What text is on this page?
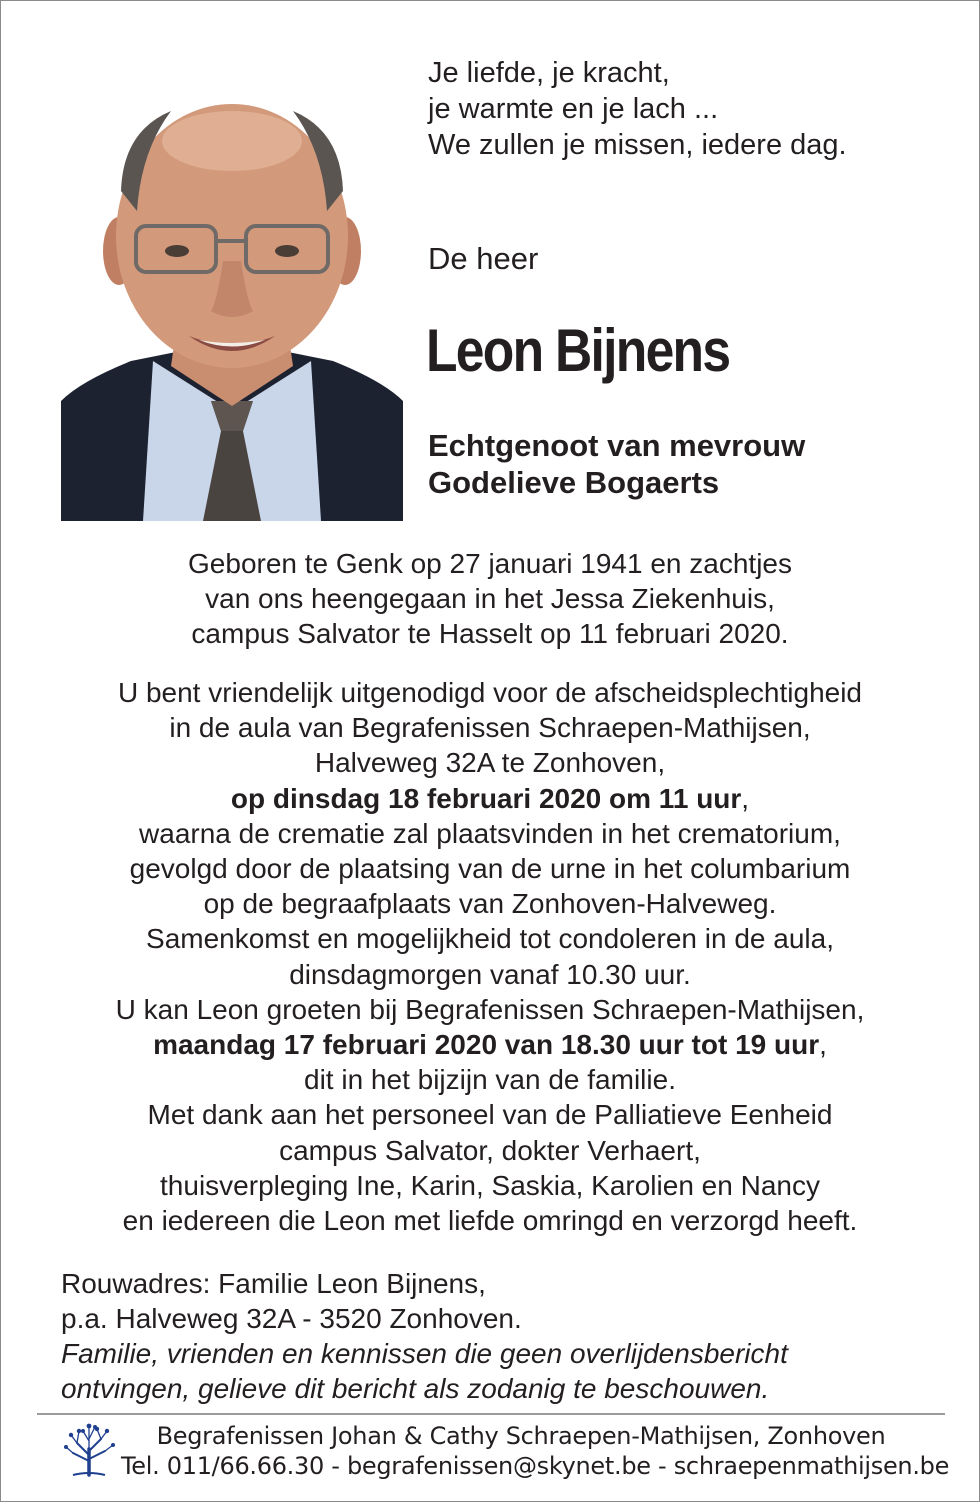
Je liefde, je kracht,
je warmte en je lach ...
We zullen je missen, iedere dag.
De heer
Leon Bijnens
Echtgenoot van mevrouw
Godelieve Bogaerts
Geboren te Genk op 27 januari 1941 en zachtjes
van ons heengegaan in het Jessa Ziekenhuis,
campus Salvator te Hasselt op 11 februari 2020.
U bent vriendelijk uitgenodigd voor de afscheidsplechtigheid
in de aula van Begrafenissen Schraepen-Mathijsen,
Halveweg 32A te Zonhoven,
op dinsdag 18 februari 2020 om 11 uur,
waarna de crematie zal plaatsvinden in het crematorium,
gevolgd door de plaatsing van de urne in het columbarium
op de begraafplaats van Zonhoven-Halveweg.
Samenkomst en mogelijkheid tot condoleren in de aula,
dinsdagmorgen vanaf 10.30 uur.
U kan Leon groeten bij Begrafenissen Schraepen-Mathijsen,
maandag 17 februari 2020 van 18.30 uur tot 19 uur,
dit in het bijzijn van de familie.
Met dank aan het personeel van de Palliatieve Eenheid
campus Salvator, dokter Verhaert,
thuisverpleging Ine, Karin, Saskia, Karolien en Nancy
en iedereen die Leon met liefde omringd en verzorgd heeft.
Rouwadres: Familie Leon Bijnens,
p.a. Halveweg 32A - 3520 Zonhoven.
Familie, vrienden en kennissen die geen overlijdensbericht
ontvingen, gelieve dit bericht als zodanig te beschouwen.
Begrafenissen Johan & Cathy Schraepen-Mathijsen, Zonhoven
Tel. 011/66.66.30 - begrafenissen@skynet.be - schraepenmathijsen.be
